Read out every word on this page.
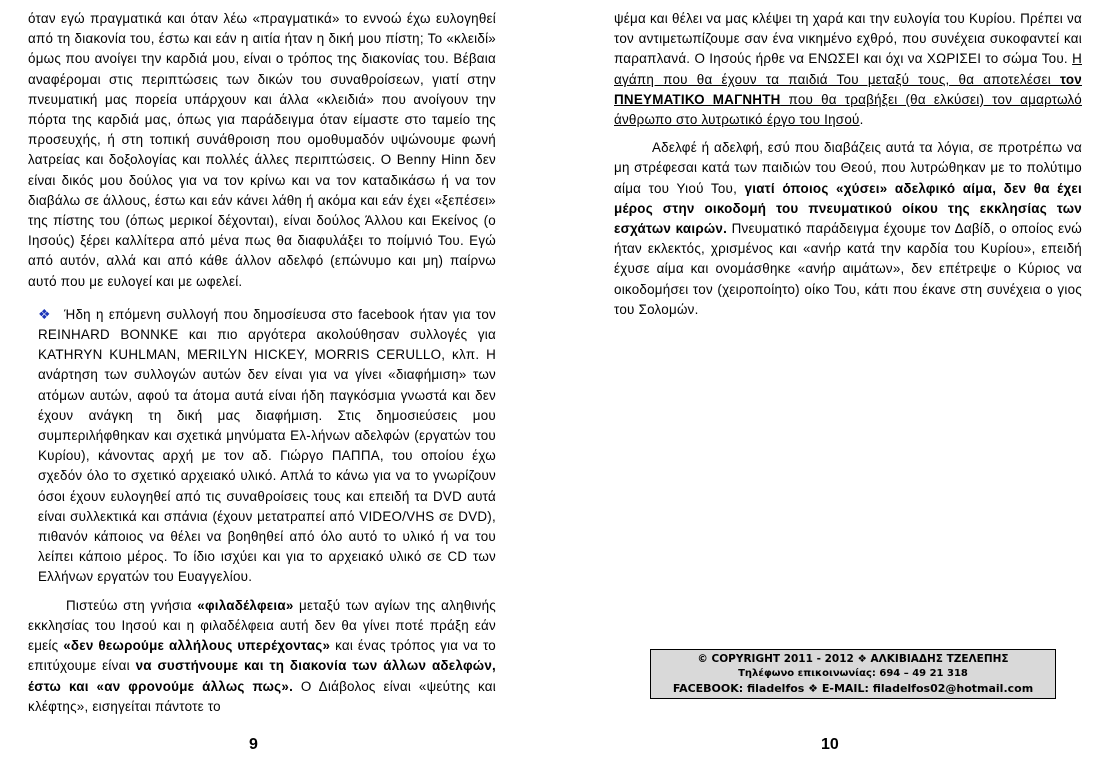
όταν εγώ πραγματικά και όταν λέω «πραγματικά» το εννοώ έχω ευλογηθεί από τη διακονία του, έστω και εάν η αιτία ήταν η δική μου πίστη; Το «κλειδί» όμως που ανοίγει την καρδιά μου, είναι ο τρόπος της διακονίας του. Βέβαια αναφέρομαι στις περιπτώσεις των δικών του συναθροίσεων, γιατί στην πνευματική μας πορεία υπάρχουν και άλλα «κλειδιά» που ανοίγουν την πόρτα της καρδιά μας, όπως για παράδειγμα όταν είμαστε στο ταμείο της προσευχής, ή στη τοπική συνάθροιση που ομοθυμαδόν υψώνουμε φωνή λατρείας και δοξολογίας και πολλές άλλες περιπτώσεις. Ο Benny Hinn δεν είναι δικός μου δούλος για να τον κρίνω και να τον καταδικάσω ή να τον διαβάλω σε άλλους, έστω και εάν κάνει λάθη ή ακόμα και εάν έχει «ξεπέσει» της πίστης του (όπως μερικοί δέχονται), είναι δούλος Άλλου και Εκείνος (ο Ιησούς) ξέρει καλλίτερα από μένα πως θα διαφυλάξει το ποίμνιό Του. Εγώ από αυτόν, αλλά και από κάθε άλλον αδελφό (επώνυμο και μη) παίρνω αυτό που με ευλογεί και με ωφελεί.

❖ Ήδη η επόμενη συλλογή που δημοσίευσα στο facebook ήταν για τον REINHARD BONNKE και πιο αργότερα ακολούθησαν συλλογές για KATHRYN KUHLMAN, MERILYN HICKEY, MORRIS CERULLO, κλπ. Η ανάρτηση των συλλογών αυτών δεν είναι για να γίνει «διαφήμιση» των ατόμων αυτών, αφού τα άτομα αυτά είναι ήδη παγκόσμια γνωστά και δεν έχουν ανάγκη τη δική μας διαφήμιση. Στις δημοσιεύσεις μου συμπεριλήφθηκαν και σχετικά μηνύματα Ελ-λήνων αδελφών (εργατών του Κυρίου), κάνοντας αρχή με τον αδ. Γιώργο ΠΑΠΠΑ, του οποίου έχω σχεδόν όλο το σχετικό αρχειακό υλικό. Απλά το κάνω για να το γνωρίζουν όσοι έχουν ευλογηθεί από τις συναθροίσεις τους και επειδή τα DVD αυτά είναι συλλεκτικά και σπάνια (έχουν μετατραπεί από VIDEO/VHS σε DVD), πιθανόν κάποιος να θέλει να βοηθηθεί από όλο αυτό το υλικό ή να του λείπει κάποιο μέρος. Το ίδιο ισχύει και για το αρχειακό υλικό σε CD των Ελλήνων εργατών του Ευαγγελίου.

Πιστεύω στη γνήσια «φιλαδέλφεια» μεταξύ των αγίων της αληθινής εκκλησίας του Ιησού και η φιλαδέλφεια αυτή δεν θα γίνει ποτέ πράξη εάν εμείς «δεν θεωρούμε αλλήλους υπερέχοντας» και ένας τρόπος για να το επιτύχουμε είναι να συστήνουμε και τη διακονία των άλλων αδελφών, έστω και «αν φρονούμε άλλως πως». Ο Διάβολος είναι «ψεύτης και κλέφτης», εισηγείται πάντοτε το

9

ψέμα και θέλει να μας κλέψει τη χαρά και την ευλογία του Κυρίου. Πρέπει να τον αντιμετωπίζουμε σαν ένα νικημένο εχθρό, που συνέχεια συκοφαντεί και παραπλανά. Ο Ιησούς ήρθε να ΕΝΩΣΕΙ και όχι να ΧΩΡΙΣΕΙ το σώμα Του. Η αγάπη που θα έχουν τα παιδιά Του μεταξύ τους, θα αποτελέσει τον ΠΝΕΥΜΑΤΙΚΟ ΜΑΓΝΗΤΗ που θα τραβήξει (θα ελκύσει) τον αμαρτωλό άνθρωπο στο λυτρωτικό έργο του Ιησού.

Αδελφέ ή αδελφή, εσύ που διαβάζεις αυτά τα λόγια, σε προτρέπω να μη στρέφεσαι κατά των παιδιών του Θεού, που λυτρώθηκαν με το πολύτιμο αίμα του Υιού Του, γιατί όποιος «χύσει» αδελφικό αίμα, δεν θα έχει μέρος στην οικοδομή του πνευματικού οίκου της εκκλησίας των εσχάτων καιρών. Πνευματικό παράδειγμα έχουμε τον Δαβίδ, ο οποίος ενώ ήταν εκλεκτός, χρισμένος και «ανήρ κατά την καρδία του Κυρίου», επειδή έχυσε αίμα και ονομάσθηκε «ανήρ αιμάτων», δεν επέτρεψε ο Κύριος να οικοδομήσει τον (χειροποίητο) οίκο Του, κάτι που έκανε στη συνέχεια ο γιος του Σολομών.

© COPYRIGHT 2011 - 2012 ❖ ΑΛΚΙΒΙΑΔΗΣ ΤΖΕΛΕΠΗΣ
Τηλέφωνο επικοινωνίας: 694 – 49 21 318
FACEBOOK: filadelfos ❖ E-MAIL: filadelfos02@hotmail.com
10
